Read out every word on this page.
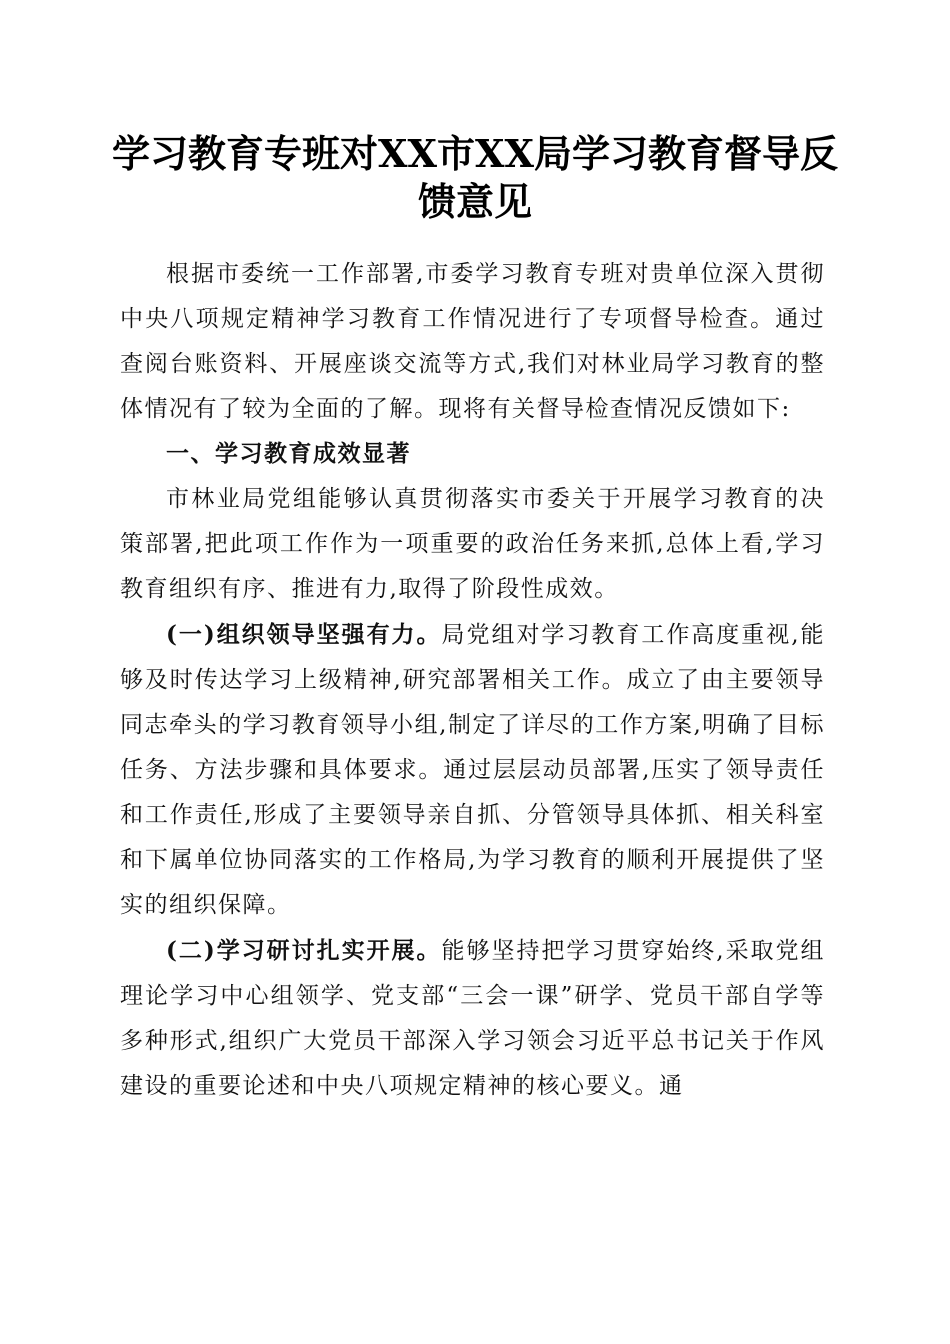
学习教育专班对XX市XX局学习教育督导反
馈意见

根据市委统一工作部署,市委学习教育专班对贵单位深入贯彻中央八项规定精神学习教育工作情况进行了专项督导检查。通过查阅台账资料、开展座谈交流等方式,我们对林业局学习教育的整体情况有了较为全面的了解。现将有关督导检查情况反馈如下:

一、学习教育成效显著

市林业局党组能够认真贯彻落实市委关于开展学习教育的决策部署,把此项工作作为一项重要的政治任务来抓,总体上看,学习教育组织有序、推进有力,取得了阶段性成效。

(一)组织领导坚强有力。局党组对学习教育工作高度重视,能够及时传达学习上级精神,研究部署相关工作。成立了由主要领导同志牵头的学习教育领导小组,制定了详尽的工作方案,明确了目标任务、方法步骤和具体要求。通过层层动员部署,压实了领导责任和工作责任,形成了主要领导亲自抓、分管领导具体抓、相关科室和下属单位协同落实的工作格局,为学习教育的顺利开展提供了坚实的组织保障。

(二)学习研讨扎实开展。能够坚持把学习贯穿始终,采取党组理论学习中心组领学、党支部“三会一课”研学、党员干部自学等多种形式,组织广大党员干部深入学习领会习近平总书记关于作风建设的重要论述和中央八项规定精神的核心要义。通
